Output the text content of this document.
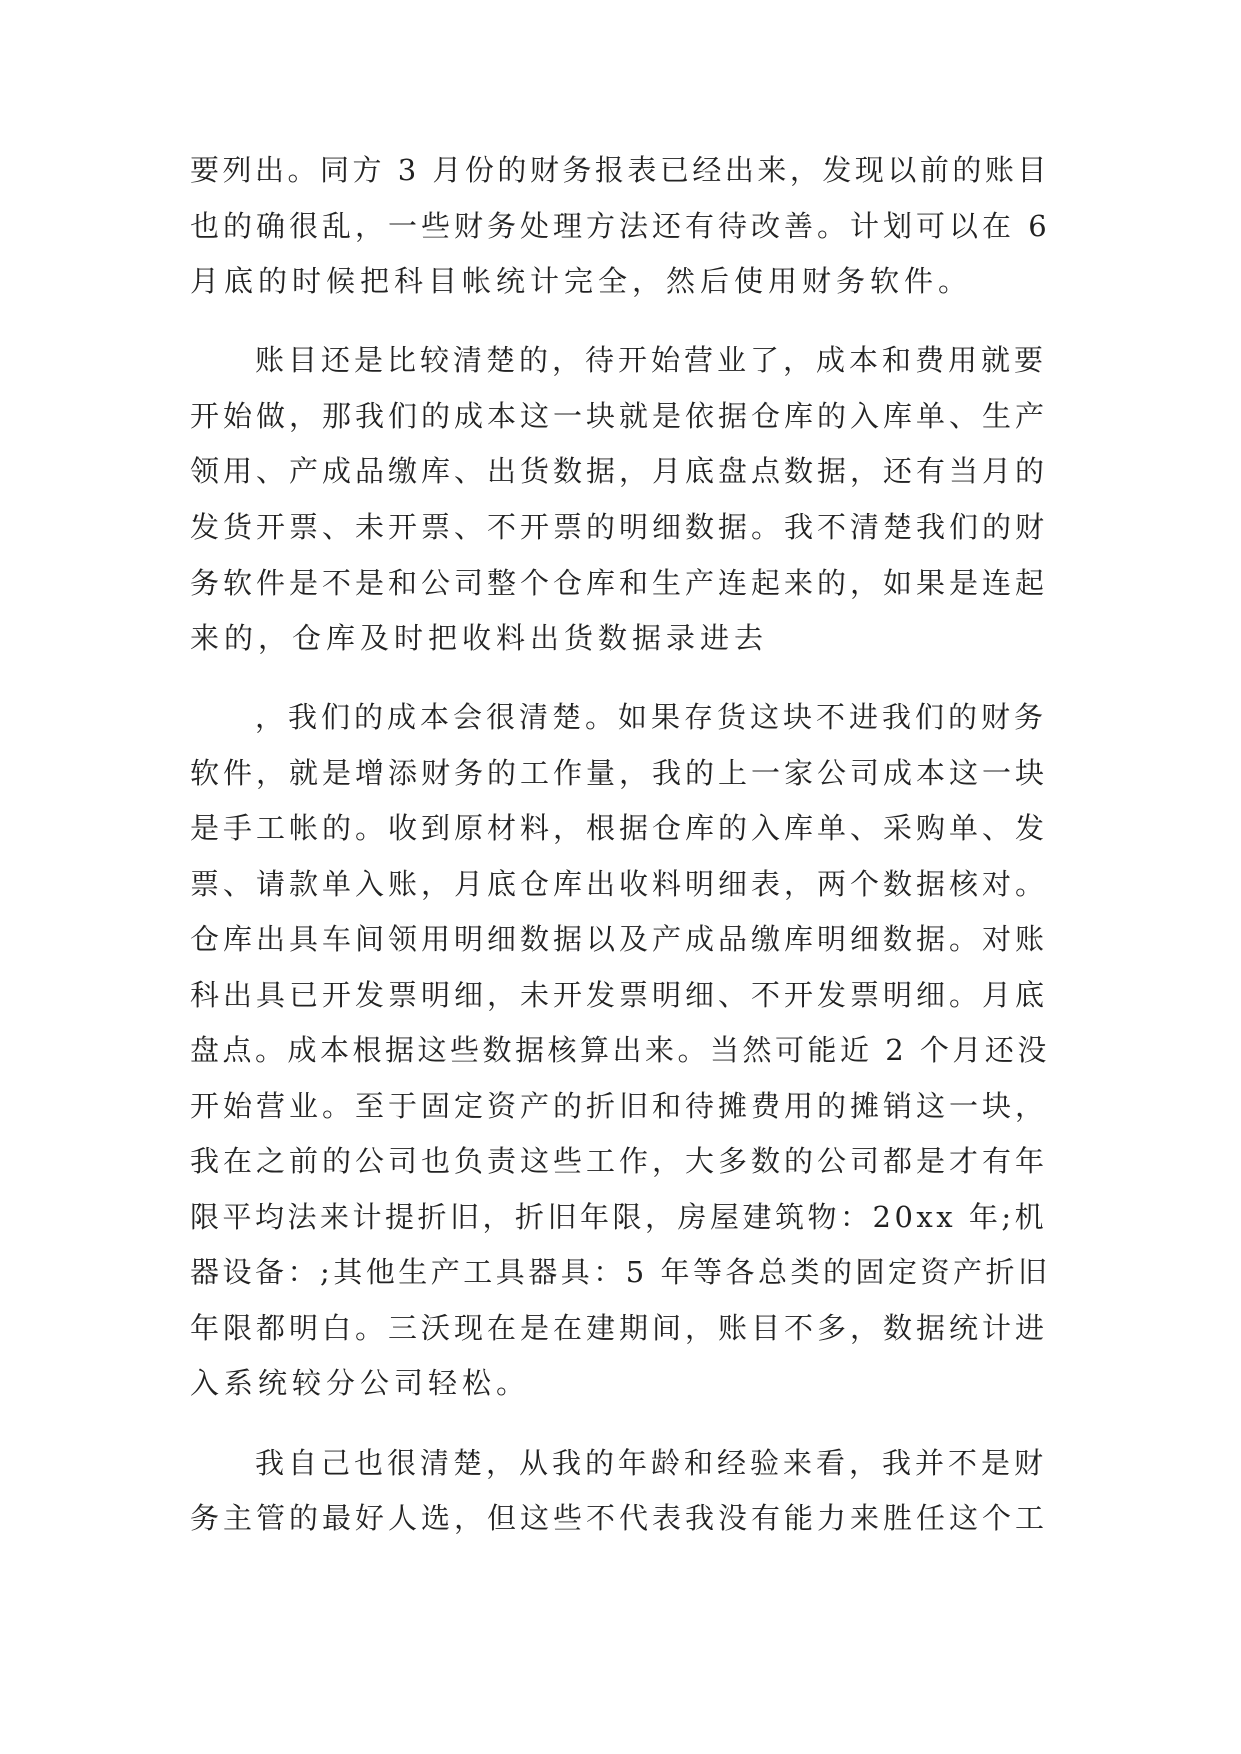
要列出。同方 3 月份的财务报表已经出来，发现以前的账目
也的确很乱，一些财务处理方法还有待改善。计划可以在 6
月底的时候把科目帐统计完全，然后使用财务软件。
账目还是比较清楚的，待开始营业了，成本和费用就要
开始做，那我们的成本这一块就是依据仓库的入库单、生产
领用、产成品缴库、出货数据，月底盘点数据，还有当月的
发货开票、未开票、不开票的明细数据。我不清楚我们的财
务软件是不是和公司整个仓库和生产连起来的，如果是连起
来的，仓库及时把收料出货数据录进去
，我们的成本会很清楚。如果存货这块不进我们的财务
软件，就是增添财务的工作量，我的上一家公司成本这一块
是手工帐的。收到原材料，根据仓库的入库单、采购单、发
票、请款单入账，月底仓库出收料明细表，两个数据核对。
仓库出具车间领用明细数据以及产成品缴库明细数据。对账
科出具已开发票明细，未开发票明细、不开发票明细。月底
盘点。成本根据这些数据核算出来。当然可能近 2 个月还没
开始营业。至于固定资产的折旧和待摊费用的摊销这一块，
我在之前的公司也负责这些工作，大多数的公司都是才有年
限平均法来计提折旧，折旧年限，房屋建筑物：20xx 年;机
器设备：;其他生产工具器具：5 年等各总类的固定资产折旧
年限都明白。三沃现在是在建期间，账目不多，数据统计进
入系统较分公司轻松。
我自己也很清楚，从我的年龄和经验来看，我并不是财
务主管的最好人选，但这些不代表我没有能力来胜任这个工
